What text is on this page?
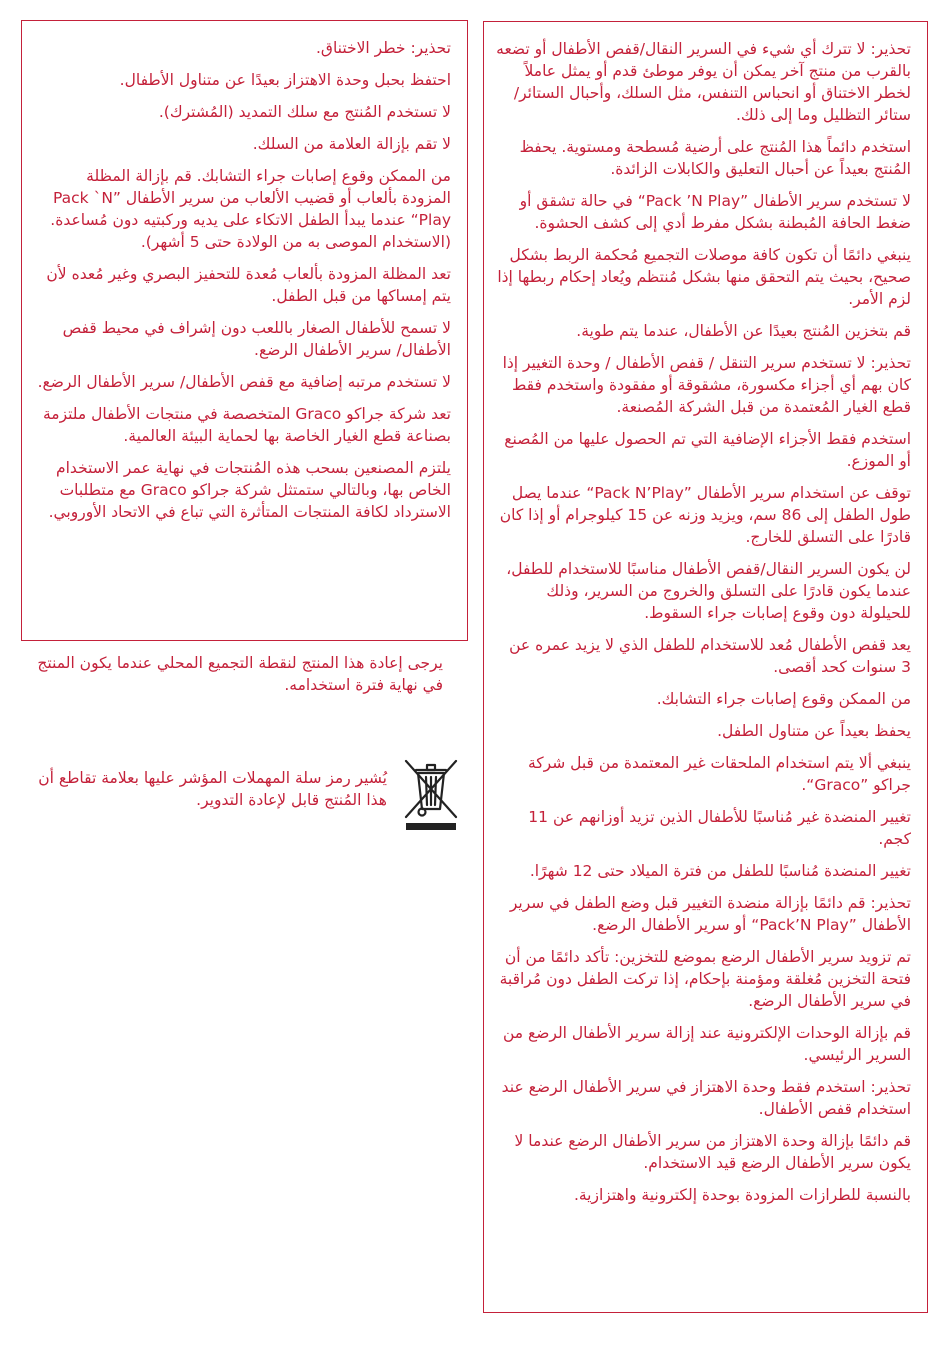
تحذير: لا تترك أي شيء في السرير النقال/قفص الأطفال أو تضعه بالقرب من منتج آخر يمكن أن يوفر موطئ قدم أو يمثل عاملاً لخطر الاختناق أو انحباس التنفس، مثل السلك، وأحبال الستائر/ستائر التظليل وما إلى ذلك.

استخدم دائماً هذا المُنتج على أرضية مُسطحة ومستوية. يحفظ المُنتج بعيداً عن أحبال التعليق والكابلات الزائدة.

لا تستخدم سرير الأطفال ”Pack ’N Play“ في حالة تشقق أو ضغط الحافة المُبطنة بشكل مفرط أدي إلى كشف الحشوة.

ينبغي دائمًا أن تكون كافة موصلات التجميع مُحكمة الربط بشكل صحيح، بحيث يتم التحقق منها بشكل مُنتظم ويُعاد إحكام ربطها إذا لزم الأمر.

قم بتخزين المُنتج بعيدًا عن الأطفال، عندما يتم طوية.

تحذير: لا تستخدم سرير التنقل / قفص الأطفال / وحدة التغيير إذا كان بهم أي أجزاء مكسورة، مشقوقة أو مفقودة واستخدم فقط قطع الغيار المُعتمدة من قبل الشركة المُصنعة.

استخدم فقط الأجزاء الإضافية التي تم الحصول عليها من المُصنع أو الموزع.

توقف عن استخدام سرير الأطفال ”Pack N’Play“ عندما يصل طول الطفل إلى 86 سم، ويزيد وزنه عن 15 كيلوجرام أو إذا كان قادرًا على التسلق للخارج.

لن يكون السرير النقال/قفص الأطفال مناسبًا للاستخدام للطفل، عندما يكون قادرًا على التسلق والخروج من السرير، وذلك للحيلولة دون وقوع إصابات جراء السقوط.

يعد قفص الأطفال مُعد للاستخدام للطفل الذي لا يزيد عمره عن 3 سنوات كحد أقصى.

من الممكن وقوع إصابات جراء التشابك.

يحفظ بعيداً عن متناول الطفل.

ينبغي ألا يتم استخدام الملحقات غير المعتمدة من قبل شركة جراكو ”Graco“.

تغيير المنضدة غير مُناسبًا للأطفال الذين تزيد أوزانهم عن 11 كجم.

تغيير المنضدة مُناسبًا للطفل من فترة الميلاد حتى 12 شهرًا.

تحذير: قم دائمًا بإزالة منضدة التغيير قبل وضع الطفل في سرير الأطفال ”Pack’N Play“ أو سرير الأطفال الرضع.

تم تزويد سرير الأطفال الرضع بموضع للتخزين: تأكد دائمًا من أن فتحة التخزين مُغلقة ومؤمنة بإحكام، إذا تركت الطفل دون مُراقبة في سرير الأطفال الرضع.

قم بإزالة الوحدات الإلكترونية عند إزالة سرير الأطفال الرضع من السرير الرئيسي.

تحذير: استخدم فقط وحدة الاهتزاز في سرير الأطفال الرضع عند استخدام قفص الأطفال.

قم دائمًا بإزالة وحدة الاهتزاز من سرير الأطفال الرضع عندما لا يكون سرير الأطفال الرضع قيد الاستخدام.

بالنسبة للطرازات المزودة بوحدة إلكترونية واهتزازية.

تحذير: خطر الاختناق.

احتفظ بحبل وحدة الاهتزاز بعيدًا عن متناول الأطفال.

لا تستخدم المُنتج مع سلك التمديد (المُشترك).

لا تقم بإزالة العلامة من السلك.

من الممكن وقوع إصابات جراء التشابك. قم بإزالة المظلة المزودة بألعاب أو قضيب الألعاب من سرير الأطفال ”Pack `N Play“ عندما يبدأ الطفل الاتكاء على يديه وركبتيه دون مُساعدة. (الاستخدام الموصى به من الولادة حتى 5 أشهر).

تعد المظلة المزودة بألعاب مُعدة للتحفيز البصري وغير مُعده لأن يتم إمساكها من قبل الطفل.

لا تسمح للأطفال الصغار باللعب دون إشراف في محيط قفص الأطفال/ سرير الأطفال الرضع.

لا تستخدم مرتبه إضافية مع قفص الأطفال/ سرير الأطفال الرضع.

تعد شركة جراكو Graco المتخصصة في منتجات الأطفال ملتزمة بصناعة قطع الغيار الخاصة بها لحماية البيئة العالمية.

يلتزم المصنعين بسحب هذه المُنتجات في نهاية عمر الاستخدام الخاص بها، وبالتالي ستمتثل شركة جراكو Graco مع متطلبات الاسترداد لكافة المنتجات المتأثرة التي تباع في الاتحاد الأوروبي.

يرجى إعادة هذا المنتج لنقطة التجميع المحلي عندما يكون المنتج في نهاية فترة استخدامه.

يُشير رمز سلة المهملات المؤشر عليها بعلامة تقاطع أن هذا المُنتج قابل لإعادة التدوير.
